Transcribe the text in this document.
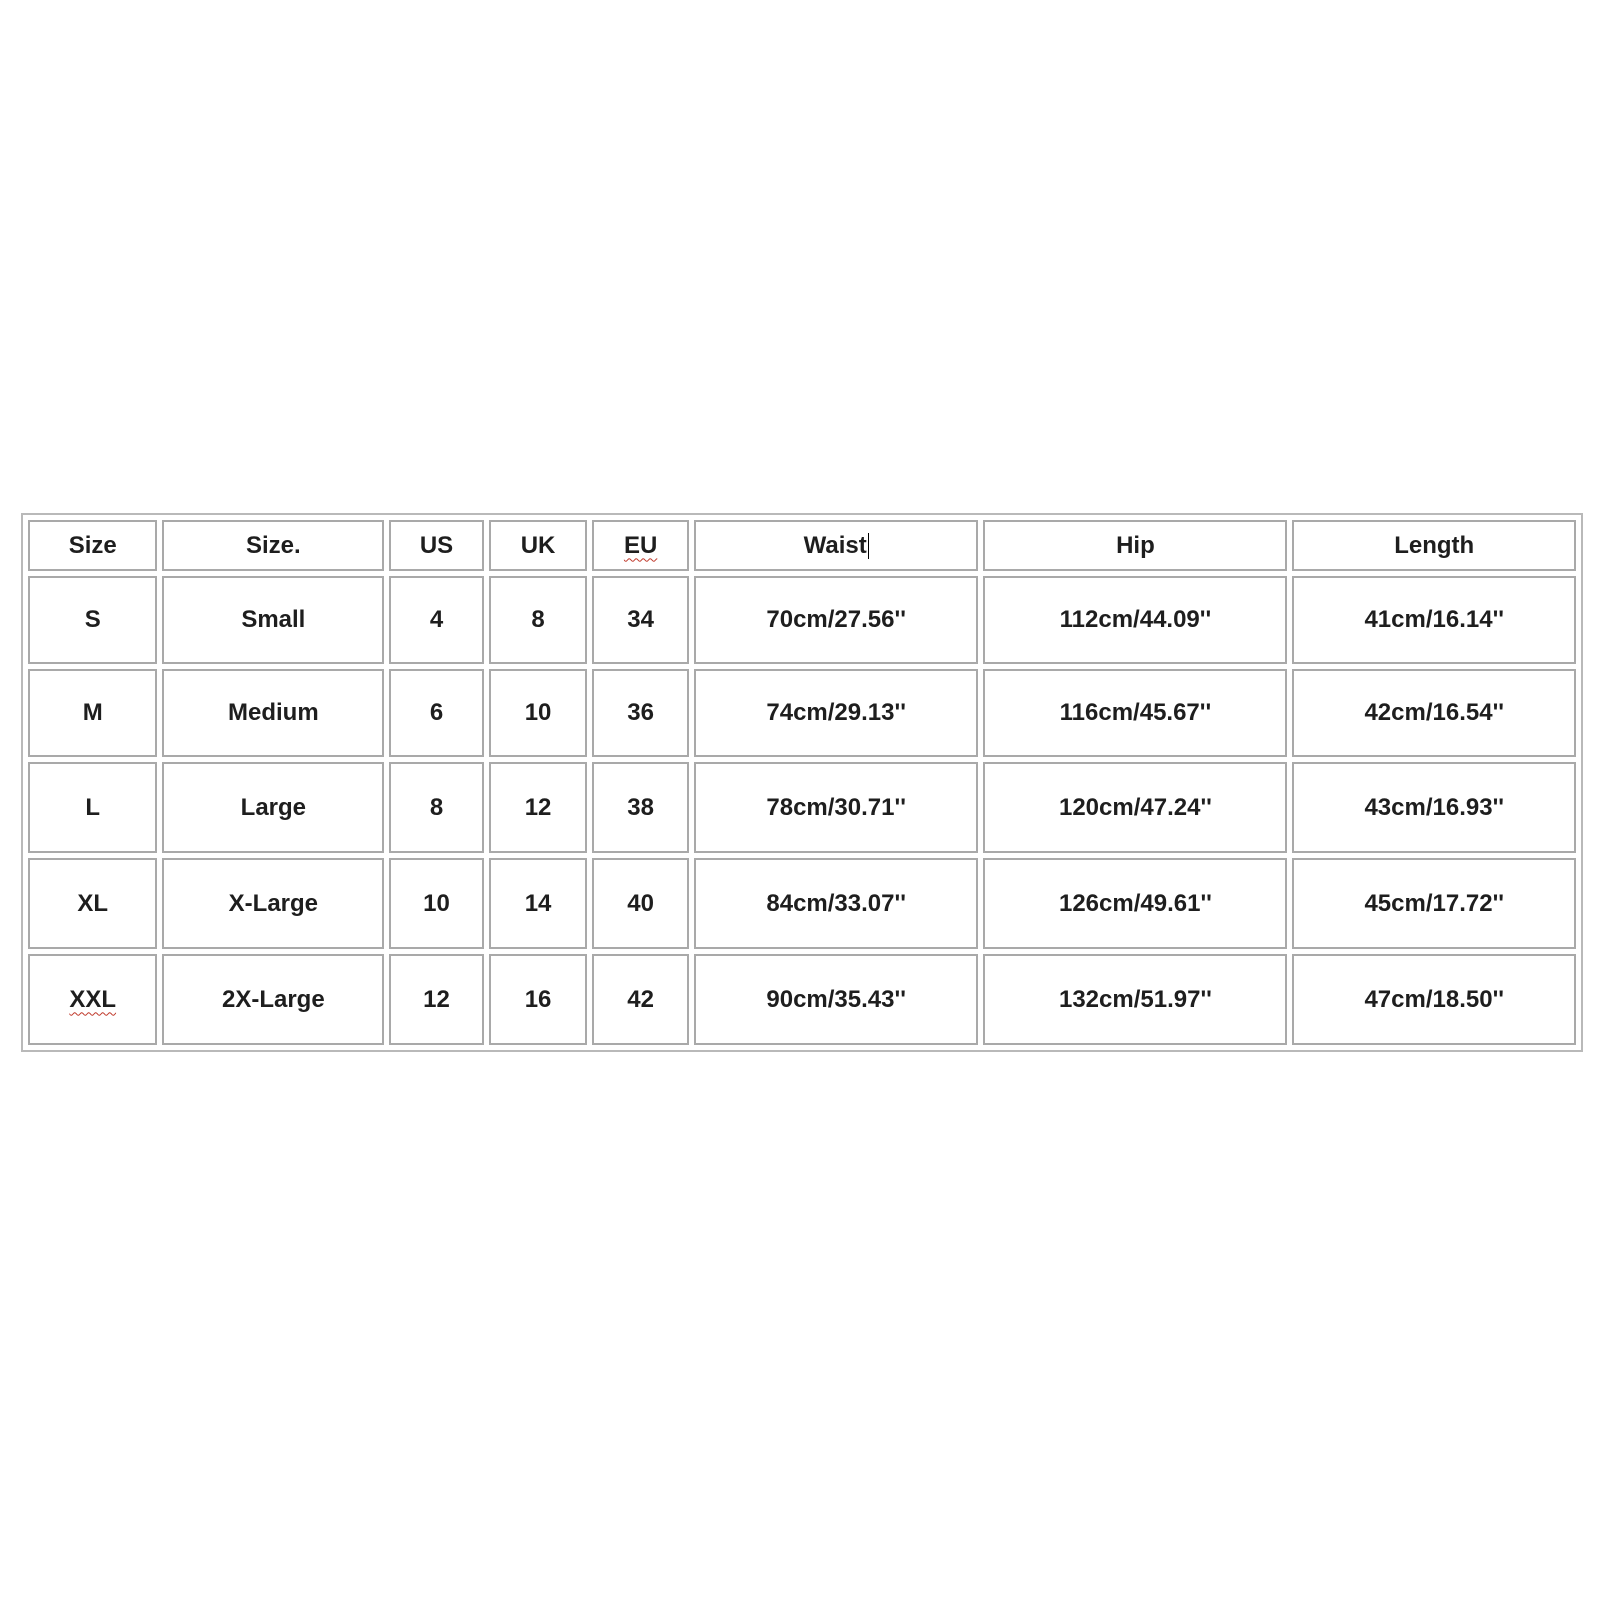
Size	Size.	US	UK	EU	Waist	Hip	Length
S	Small	4	8	34	70cm/27.56''	112cm/44.09''	41cm/16.14''
M	Medium	6	10	36	74cm/29.13''	116cm/45.67''	42cm/16.54''
L	Large	8	12	38	78cm/30.71''	120cm/47.24''	43cm/16.93''
XL	X-Large	10	14	40	84cm/33.07''	126cm/49.61''	45cm/17.72''
XXL	2X-Large	12	16	42	90cm/35.43''	132cm/51.97''	47cm/18.50''
